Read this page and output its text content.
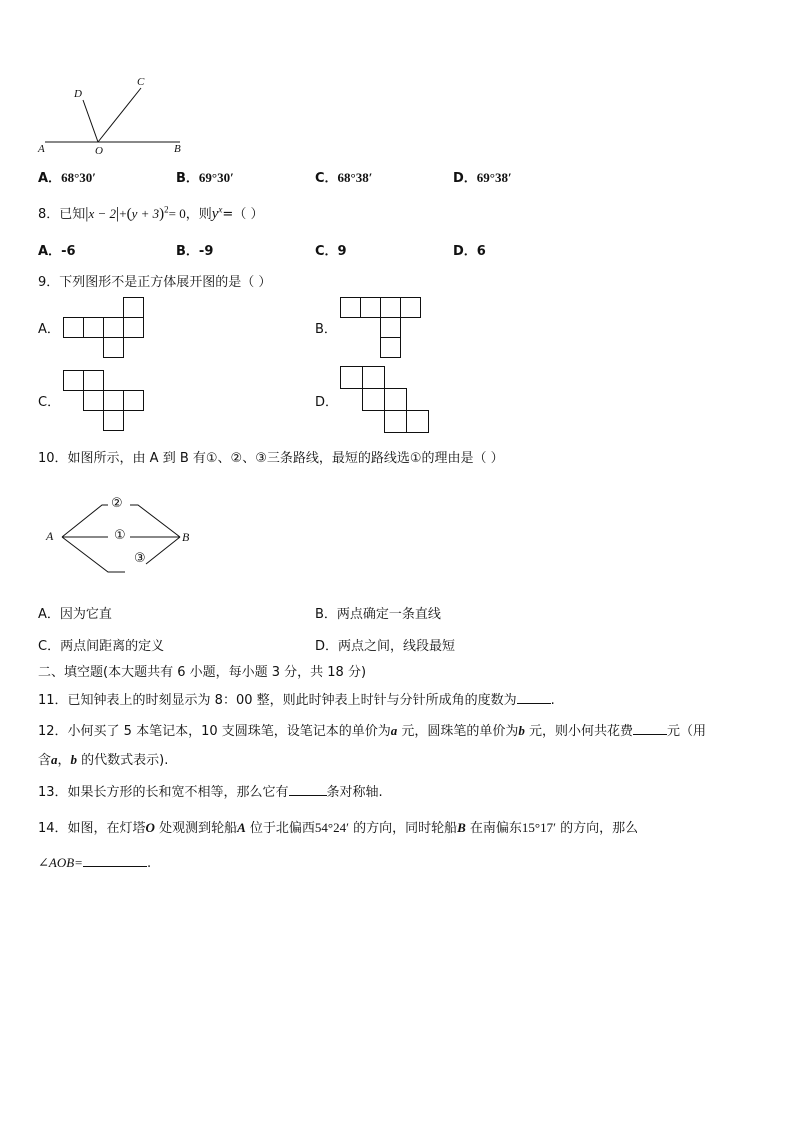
A	O	B
C
D
A．68°30′	B．69°30′	C．68°38′	D．69°38′
8．已知$|x - 2|+(y + 3)^2= 0$，则$y^x=$（ ）
A．-6	B．-9	C．9	D．6
9．下列图形不是正方体展开图的是（ ）
A．	B．
C．	D．
10．如图所示，由 A 到 B 有①、②、③三条路线，最短的路线选①的理由是（ ）
A	B
①
②
③
A．因为它直	B．两点确定一条直线
C．两点间距离的定义	D．两点之间，线段最短
二、填空题(本大题共有 6 小题，每小题 3 分，共 18 分)
11．已知钟表上的时刻显示为 8：00 整，则此时钟表上时针与分针所成角的度数为	.
12．小何买了 5 本笔记本，10 支圆珠笔，设笔记本的单价为a 元，圆珠笔的单价为b 元，则小何共花费	元（用
含a，b 的代数式表示).
13．如果长方形的长和宽不相等，那么它有	条对称轴.
14．如图，在灯塔O 处观测到轮船A 位于北偏西54°24′ 的方向，同时轮船B 在南偏东15°17′ 的方向，那么
∠AOB=	.
